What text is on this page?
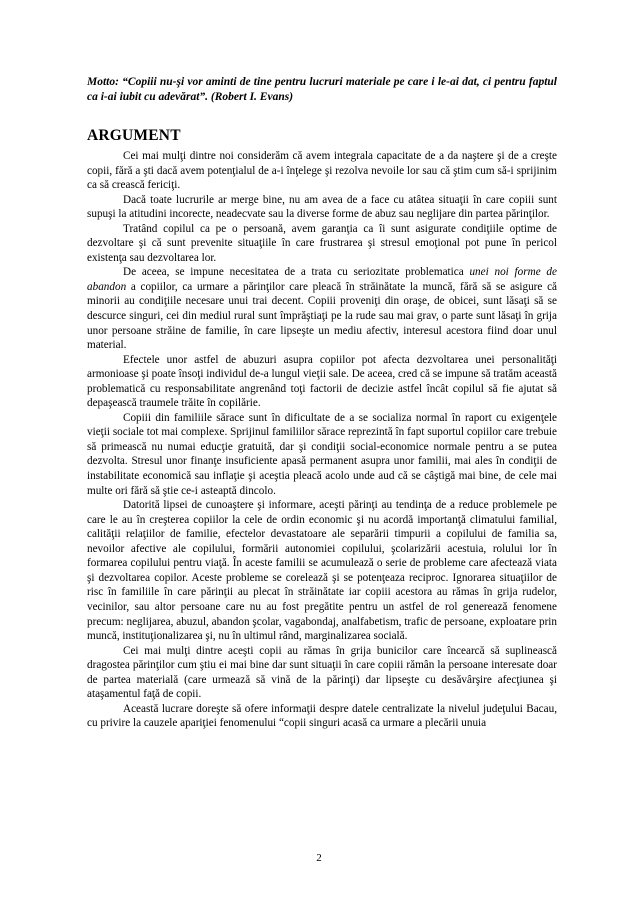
Motto: “Copiii nu-şi vor aminti de tine pentru lucruri materiale pe care i le-ai dat, ci pentru faptul ca i-ai iubit cu adevărat”. (Robert I. Evans)

ARGUMENT

Cei mai mulţi dintre noi considerăm că avem integrala capacitate de a da naştere şi de a creşte copii, fără a şti dacă avem potenţialul de a-i înţelege şi rezolva nevoile lor sau că ştim cum să-i sprijinim ca să crească fericiţi.

Dacă toate lucrurile ar merge bine, nu am avea de a face cu atâtea situaţii în care copiii sunt supuşi la atitudini incorecte, neadecvate sau la diverse forme de abuz sau neglijare din partea părinţilor.

Tratând copilul ca pe o persoană, avem garanţia ca îi sunt asigurate condiţiile optime de dezvoltare şi că sunt prevenite situaţiile în care frustrarea şi stresul emoţional pot pune în pericol existenţa sau dezvoltarea lor.

De aceea, se impune necesitatea de a trata cu seriozitate problematica unei noi forme de abandon a copiilor, ca urmare a părinţilor care pleacă în străinătate la muncă, fără să se asigure că minorii au condiţiile necesare unui trai decent. Copiii proveniţi din oraşe, de obicei, sunt lăsaţi să se descurce singuri, cei din mediul rural sunt împrăştiaţi pe la rude sau mai grav, o parte sunt lăsaţi în grija unor persoane străine de familie, în care lipseşte un mediu afectiv, interesul acestora fiind doar unul material.

Efectele unor astfel de abuzuri asupra copiilor pot afecta dezvoltarea unei personalităţi armonioase şi poate însoţi individul de-a lungul vieţii sale. De aceea, cred că se impune să tratăm această problematică cu responsabilitate angrenând toţi factorii de decizie astfel încât copilul să fie ajutat să depaşească traumele trăite în copilărie.

Copiii din familiile sărace sunt în dificultate de a se socializa normal în raport cu exigenţele vieţii sociale tot mai complexe. Sprijinul familiilor sărace reprezintă în fapt suportul copiilor care trebuie să primească nu numai educţie gratuită, dar şi condiţii social-economice normale pentru a se putea dezvolta. Stresul unor finanţe insuficiente apasă permanent asupra unor familii, mai ales în condiţii de instabilitate economică sau inflaţie şi aceştia pleacă acolo unde aud că se câştigă mai bine, de cele mai multe ori fără să ştie ce-i asteaptă dincolo.

Datorită lipsei de cunoaştere şi informare, aceşti părinţi au tendinţa de a reduce problemele pe care le au în creşterea copiilor la cele de ordin economic şi nu acordă importanţă climatului familial, calităţii relaţiilor de familie, efectelor devastatoare ale separării timpurii a copilului de familia sa, nevoilor afective ale copilului, formării autonomiei copilului, şcolarizării acestuia, rolului lor în formarea copilului pentru viaţă. În aceste familii se acumulează o serie de probleme care afectează viata şi dezvoltarea copilor. Aceste probleme se corelează şi se potenţeaza reciproc. Ignorarea situaţiilor de risc în familiile în care părinţii au plecat în străinătate iar copiii acestora au rămas în grija rudelor, vecinilor, sau altor persoane care nu au fost pregătite pentru un astfel de rol generează fenomene precum: neglijarea, abuzul, abandon şcolar, vagabondaj, analfabetism, trafic de persoane, exploatare prin muncă, instituţionalizarea şi, nu în ultimul rând, marginalizarea socială.

Cei mai mulţi dintre aceşti copii au rămas în grija bunicilor care încearcă să suplinească dragostea părinţilor cum ştiu ei mai bine dar sunt situaţii în care copiii rămân la persoane interesate doar de partea materială (care urmează să vină de la părinţi) dar lipseşte cu desăvârşire afecţiunea şi ataşamentul faţă de copii.

Această lucrare doreşte să ofere informaţii despre datele centralizate la nivelul judeţului Bacau, cu privire la cauzele apariţiei fenomenului “copii singuri acasă ca urmare a plecării unuia

2
